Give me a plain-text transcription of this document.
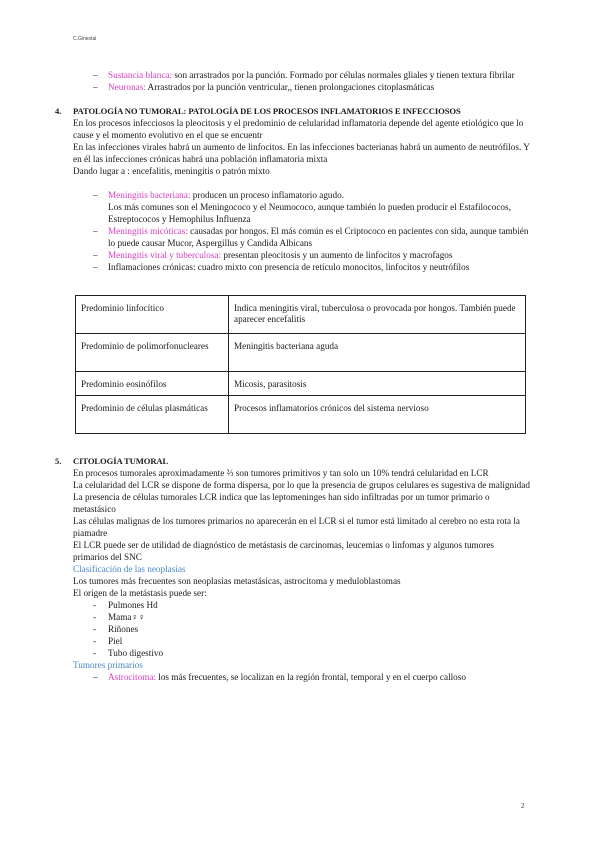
C.Ginestal
– Sustancia blanca: son arrastrados por la punción. Formado por células normales gliales y tienen textura fibrilar
– Neuronas: Arrastrados por la punción ventricular,, tienen prolongaciones citoplasmáticas
4. PATOLOGÍA NO TUMORAL: PATOLOGÍA DE LOS PROCESOS INFLAMATORIOS E INFECCIOSOS
En los procesos infecciosos la pleocitosis y el predominio de celularidad inflamatoria depende del agente etiológico que lo cause y el momento evolutivo en el que se encuentr
En las infecciones virales habrá un aumento de linfocitos. En las infecciones bacterianas habrá un aumento de neutrófilos. Y en él las infecciones crónicas habrá una población inflamatoria mixta
Dando lugar a : encefalitis, meningitis o patrón mixto
– Meningitis bacteriana: producen un proceso inflamatorio agudo.
Los más comunes son el Meningococo y el Neumococo, aunque también lo pueden producir el Estafilococos, Estreptococos y Hemophilus Influenza
– Meningitis micóticas: causadas por hongos. El más común es el Criptococo en pacientes con sida, aunque también lo puede causar Mucor, Aspergillus y Candida Albicans
– Meningitis viral y tuberculosa: presentan pleocitosis y un aumento de linfocitos y macrofagos
– Inflamaciones crónicas: cuadro mixto con presencia de retículo monocitos, linfocitos y neutrófilos
Predominio linfocítico	Indica meningitis viral, tuberculosa o provocada por hongos. También puede aparecer encefalitis
Predominio de polimorfonucleares	Meningitis bacteriana aguda
Predominio eosinófilos	Micosis, parasitosis
Predominio de células plasmáticas	Procesos inflamatorios crónicos del sistema nervioso
5. CITOLOGÍA TUMORAL
En procesos tumorales aproximadamente ⅔ son tumores primitivos y tan solo un 10% tendrá celularidad en LCR
La celularidad del LCR se dispone de forma dispersa, por lo que la presencia de grupos celulares es sugestiva de malignidad
La presencia de células tumorales LCR indica que las leptomeninges han sido infiltradas por un tumor primario o metastásico
Las células malignas de los tumores primarios no aparecerán en el LCR si el tumor está limitado al cerebro no esta rota la piamadre
El LCR puede ser de utilidad de diagnóstico de metástasis de carcinomas, leucemias o linfomas y algunos tumores primarios del SNC
Clasificación de las neoplasias
Los tumores más frecuentes son neoplasias metastásicas, astrocitoma y meduloblastomas
El origen de la metástasis puede ser:
- Pulmones Hd
- Mama♀♀
- Riñones
- Piel
- Tubo digestivo
Tumores primarios
– Astrocitoma: los más frecuentes, se localizan en la región frontal, temporal y en el cuerpo calloso
2
